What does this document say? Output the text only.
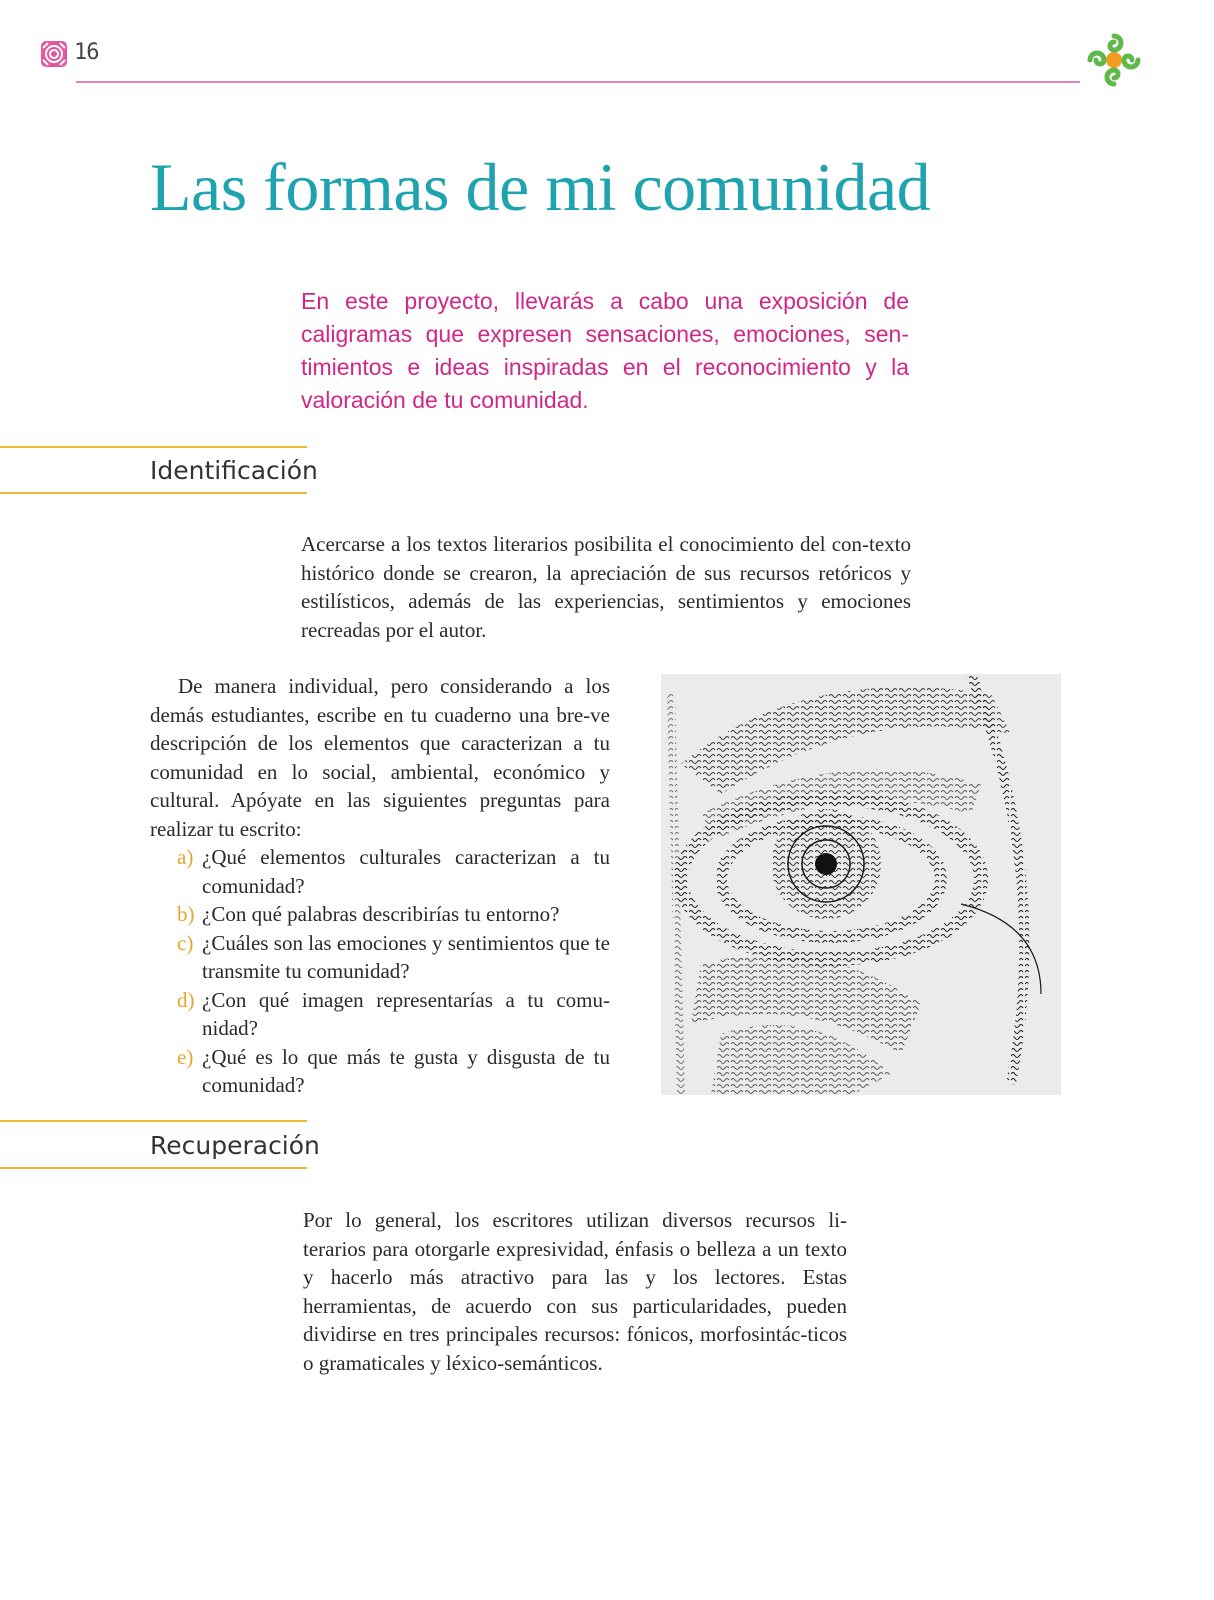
16
Las formas de mi comunidad

En este proyecto, llevarás a cabo una exposición de caligramas que expresen sensaciones, emociones, sen-timientos e ideas inspiradas en el reconocimiento y la valoración de tu comunidad.

Identificación

Acercarse a los textos literarios posibilita el conocimiento del con-texto histórico donde se crearon, la apreciación de sus recursos retóricos y estilísticos, además de las experiencias, sentimientos y emociones recreadas por el autor.

De manera individual, pero considerando a los demás estudiantes, escribe en tu cuaderno una bre-ve descripción de los elementos que caracterizan a tu comunidad en lo social, ambiental, económico y cultural. Apóyate en las siguientes preguntas para realizar tu escrito:

a) ¿Qué elementos culturales caracterizan a tu comunidad?
b) ¿Con qué palabras describirías tu entorno?
c) ¿Cuáles son las emociones y sentimientos que te transmite tu comunidad?
d) ¿Con qué imagen representarías a tu comu-nidad?
e) ¿Qué es lo que más te gusta y disgusta de tu comunidad?
Recuperación

Por lo general, los escritores utilizan diversos recursos li-terarios para otorgarle expresividad, énfasis o belleza a un texto y hacerlo más atractivo para las y los lectores. Estas herramientas, de acuerdo con sus particularidades, pueden dividirse en tres principales recursos: fónicos, morfosintác-ticos o gramaticales y léxico-semánticos.
